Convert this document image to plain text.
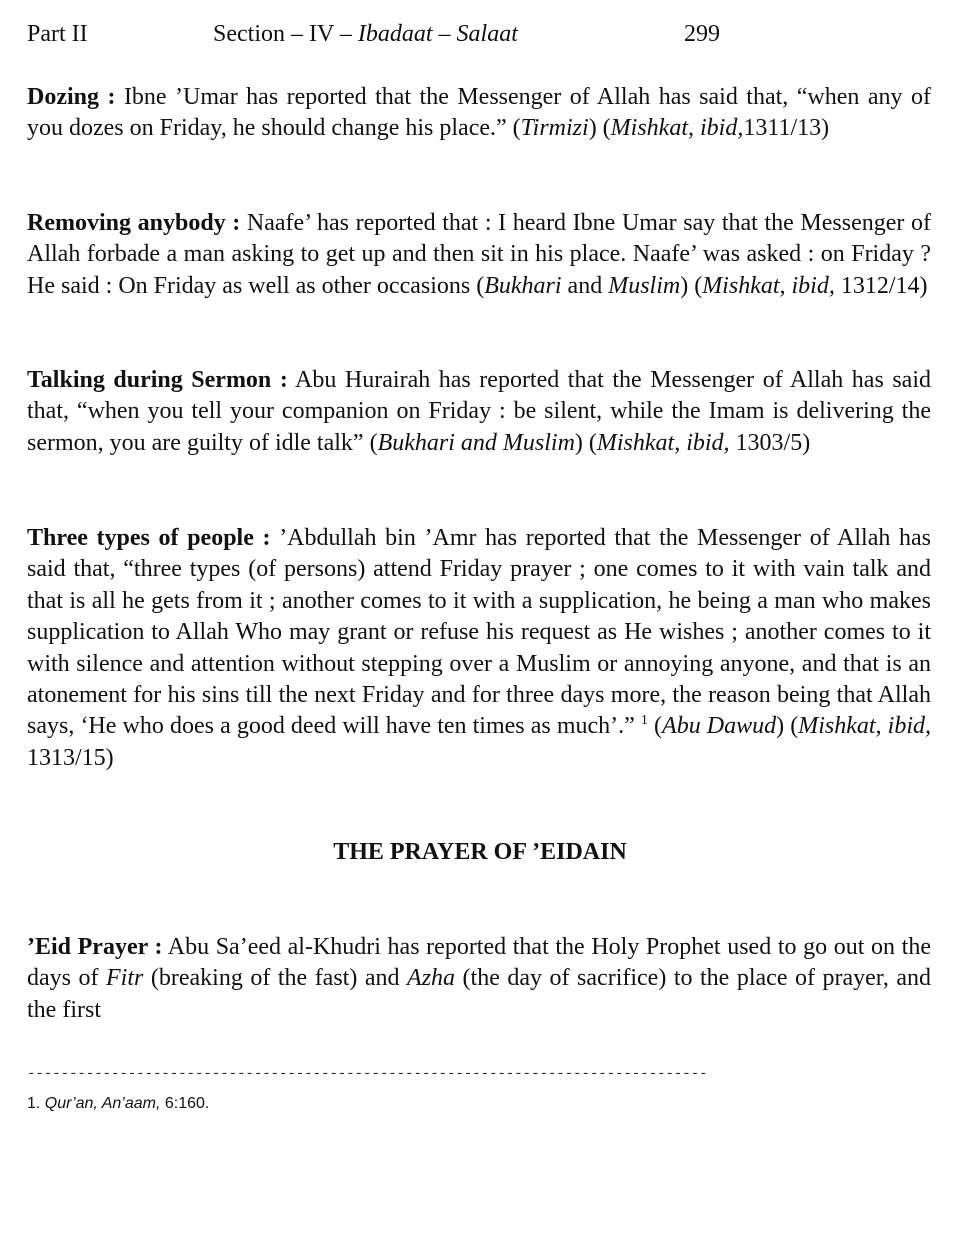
Part II	Section – IV – Ibadaat – Salaat	299

Dozing : Ibne ’Umar has reported that the Messenger of Allah has said that, “when any of you dozes on Friday, he should change his place.” (Tirmizi) (Mishkat, ibid,1311/13)

Removing anybody : Naafe’ has reported that : I heard Ibne Umar say that the Messenger of Allah forbade a man asking to get up and then sit in his place. Naafe’ was asked : on Friday ? He said : On Friday as well as other occasions (Bukhari and Muslim) (Mishkat, ibid, 1312/14)

Talking during Sermon : Abu Hurairah has reported that the Messenger of Allah has said that, “when you tell your companion on Friday : be silent, while the Imam is delivering the sermon, you are guilty of idle talk” (Bukhari and Muslim) (Mishkat, ibid, 1303/5)

Three types of people : ’Abdullah bin ’Amr has reported that the Messenger of Allah has said that, “three types (of persons) attend Friday prayer ; one comes to it with vain talk and that is all he gets from it ; another comes to it with a supplication, he being a man who makes supplication to Allah Who may grant or refuse his request as He wishes ; another comes to it with silence and attention without stepping over a Muslim or annoying anyone, and that is an atonement for his sins till the next Friday and for three days more, the reason being that Allah says, ‘He who does a good deed will have ten times as much’.” $^1$ (Abu Dawud) (Mishkat, ibid, 1313/15)

THE PRAYER OF ’EIDAIN

’Eid Prayer : Abu Sa’eed al-Khudri has reported that the Holy Prophet used to go out on the days of Fitr (breaking of the fast) and Azha (the day of sacrifice) to the place of prayer, and the first

---------------------------------------------------------------------------------
1. Qur’an, An’aam, 6:160.
